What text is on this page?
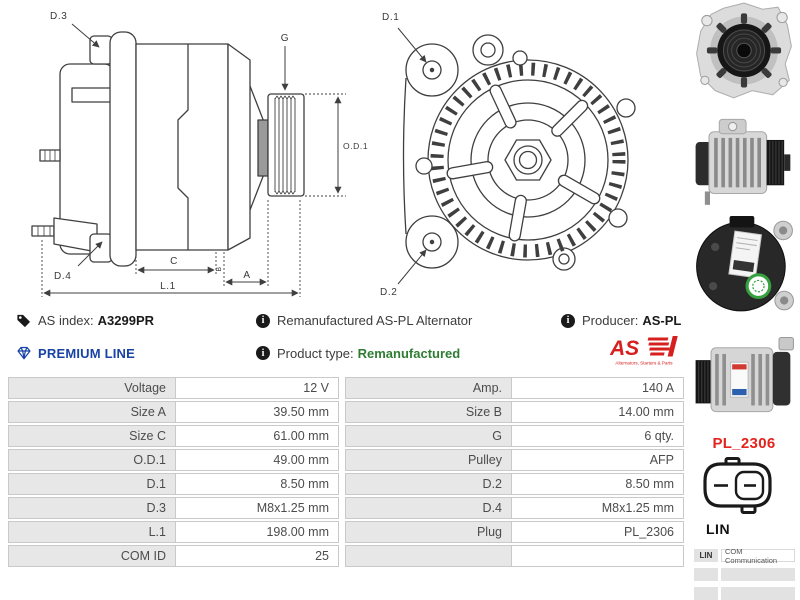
D.3
G
O.D.1
D.4
C
B
A
L.1
D.1
D.2
AS index: A3299PR	i Remanufactured AS-PL Alternator	i Producer: AS-PL
PREMIUM LINE	i Product type: Remanufactured	AS
Alternators, Starters & Parts
Voltage	12 V	Amp.	140 A
Size A	39.50 mm	Size B	14.00 mm
Size C	61.00 mm	G	6 qty.
O.D.1	49.00 mm	Pulley	AFP
D.1	8.50 mm	D.2	8.50 mm
D.3	M8x1.25 mm	D.4	M8x1.25 mm
L.1	198.00 mm	Plug	PL_2306
COM ID	25
PL_2306
LIN
LIN	COM Communication
